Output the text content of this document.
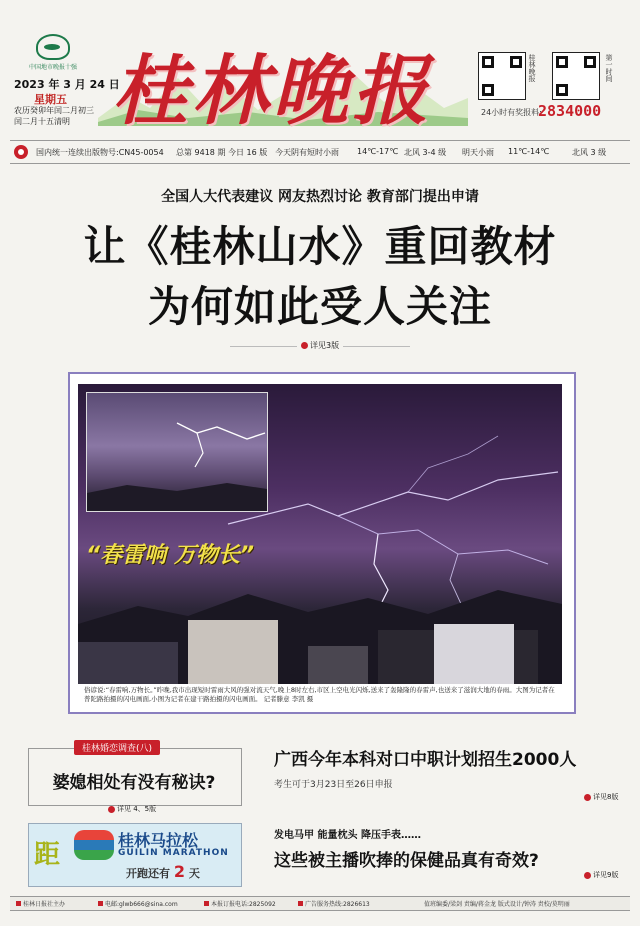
中国地市晚报十强
2023 年 3 月 24 日
星期五
农历癸卯年闰二月初三
闰二月十五清明 桂林晚报	桂林晚报	第一时间
24小时有奖报料:
2834000
国内统一连续出版物号:CN45-0054 总第 9418 期 今日 16 版 今天阴有短时小雨 14℃-17℃ 北风 3-4 级 明天小雨 11℃-14℃	北风 3 级
全国人大代表建议 网友热烈讨论 教育部门提出申请
让《桂林山水》重回教材
为何如此受人关注
详见3版
“春雷响 万物长”
俗谚说:“春雷响,万物长。”昨晚,我市出现短时雷雨大风的强对流天气,晚上8时左右,市区上空电光闪烁,送来了轰隆隆的春雷声,也送来了滋润大地的春雨。大图为记者在普陀路拍摄的闪电画面,小图为记者在建干路拍摄的闪电画面。 记者滕意 李凯 摄
桂林婚恋调查(八)
婆媳相处有没有秘诀?
详见 4、5版
距	桂林马拉松
GUILIN MARATHON
开跑还有 2 天
广西今年本科对口中职计划招生2000人
考生可于3月23日至26日申报
详见8版
发电马甲 能量枕头 降压手表……
这些被主播吹捧的保健品真有奇效?
详见9版
桂林日报社主办	电邮:glwb666@sina.com	本报订报电话:2825092	广告服务热线:2826613	值班编委/梁剑 责编/蒋金龙 版式设计/钟涛 责校/莫明丽
